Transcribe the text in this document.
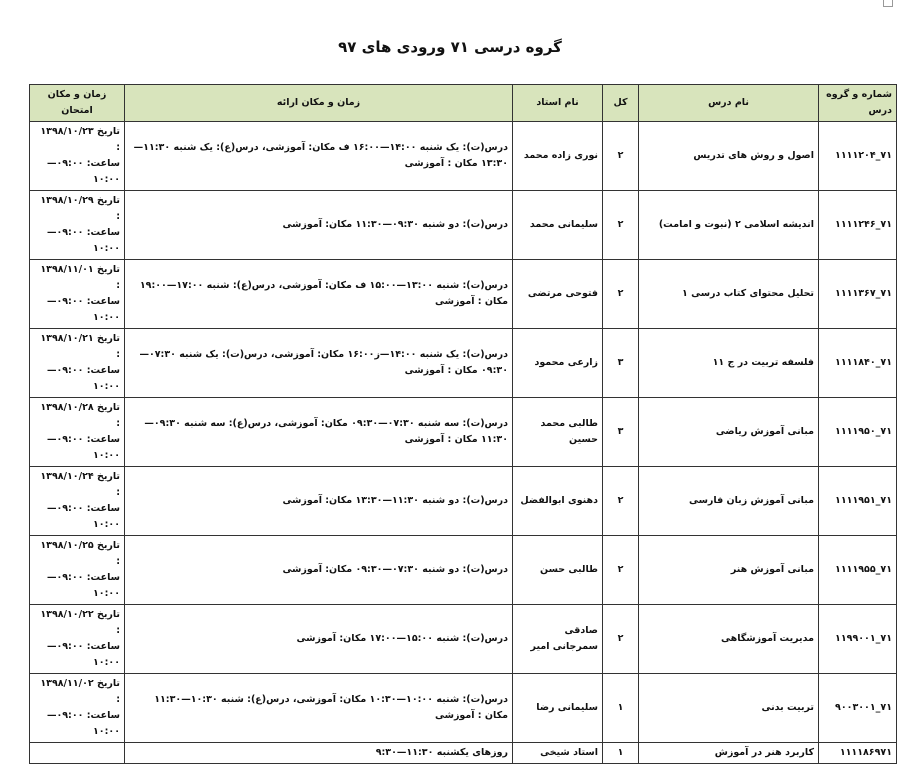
گروه درسی ۷۱ ورودی های ۹۷
شماره و گروه درس	نام درس	کل	نام استاد	زمان و مکان ارائه	زمان و مکان امتحان
۷۱_۱۱۱۱۲۰۴	اصول و روش های تدریس	۲	نوری زاده محمد	درس(ت): یک شنبه ۱۴:۰۰—۱۶:۰۰ ف مکان: آموزشی، درس(ع): یک شنبه ۱۱:۳۰—۱۳:۳۰ مکان : آموزشی	تاریخ ۱۳۹۸/۱۰/۲۳ :
ساعت: ۰۹:۰۰—۱۰:۰۰

۷۱_۱۱۱۱۲۴۶	اندیشه اسلامی ۲ (نبوت و امامت)	۲	سلیمانی محمد	درس(ت): دو شنبه ۰۹:۳۰—۱۱:۳۰ مکان: آموزشی	تاریخ ۱۳۹۸/۱۰/۲۹ :
ساعت: ۰۹:۰۰—۱۰:۰۰

۷۱_۱۱۱۱۳۶۷	تحلیل محتوای کتاب درسی ۱	۲	فتوحی مرتضی	درس(ت): شنبه ۱۳:۰۰—۱۵:۰۰ ف مکان: آموزشی، درس(ع): شنبه ۱۷:۰۰—۱۹:۰۰ مکان : آموزشی	تاریخ ۱۳۹۸/۱۱/۰۱ :
ساعت: ۰۹:۰۰—۱۰:۰۰

۷۱_۱۱۱۱۸۴۰	فلسفه تربیت در ج ۱۱	۳	زارعی محمود	درس(ت): یک شنبه ۱۴:۰۰—ز۱۶:۰۰ مکان: آموزشی، درس(ت): یک شنبه ۰۷:۳۰—۰۹:۳۰ مکان : آموزشی	تاریخ ۱۳۹۸/۱۰/۲۱ :
ساعت: ۰۹:۰۰—۱۰:۰۰

۷۱_۱۱۱۱۹۵۰	مبانی آموزش ریاضی	۳	طالبی محمد حسین	درس(ت): سه شنبه ۰۷:۳۰—۰۹:۳۰ مکان: آموزشی، درس(ع): سه شنبه ۰۹:۳۰—۱۱:۳۰ مکان : آموزشی	تاریخ ۱۳۹۸/۱۰/۲۸ :
ساعت: ۰۹:۰۰—۱۰:۰۰

۷۱_۱۱۱۱۹۵۱	مبانی آموزش زبان فارسی	۲	دهنوی ابوالفضل	درس(ت): دو شنبه ۱۱:۳۰—۱۳:۳۰ مکان: آموزشی	تاریخ ۱۳۹۸/۱۰/۲۴ :
ساعت: ۰۹:۰۰—۱۰:۰۰

۷۱_۱۱۱۱۹۵۵	مبانی آموزش هنر	۲	طالبی حسن	درس(ت): دو شنبه ۰۷:۳۰—۰۹:۳۰ مکان: آموزشی	تاریخ ۱۳۹۸/۱۰/۲۵ :
ساعت: ۰۹:۰۰—۱۰:۰۰

۷۱_۱۱۹۹۰۰۱	مدیریت آموزشگاهی	۲	صادقی سمرجانی امیر	درس(ت): شنبه ۱۵:۰۰—۱۷:۰۰ مکان: آموزشی	تاریخ ۱۳۹۸/۱۰/۲۲ :
ساعت: ۰۹:۰۰—۱۰:۰۰

۷۱_۹۰۰۳۰۰۱	تربیت بدنی	۱	سلیمانی رضا	درس(ت): شنبه ۱۰:۰۰—۱۰:۳۰ مکان: آموزشی، درس(ع): شنبه ۱۰:۳۰—۱۱:۳۰ مکان : آموزشی	تاریخ ۱۳۹۸/۱۱/۰۲ :
ساعت: ۰۹:۰۰—۱۰:۰۰

۱۱۱۱۸۶۹۷۱	کاربرد هنر در آموزش	۱	استاد شیخی	روزهای یکشنبه ۱۱:۳۰—۹:۳۰	
